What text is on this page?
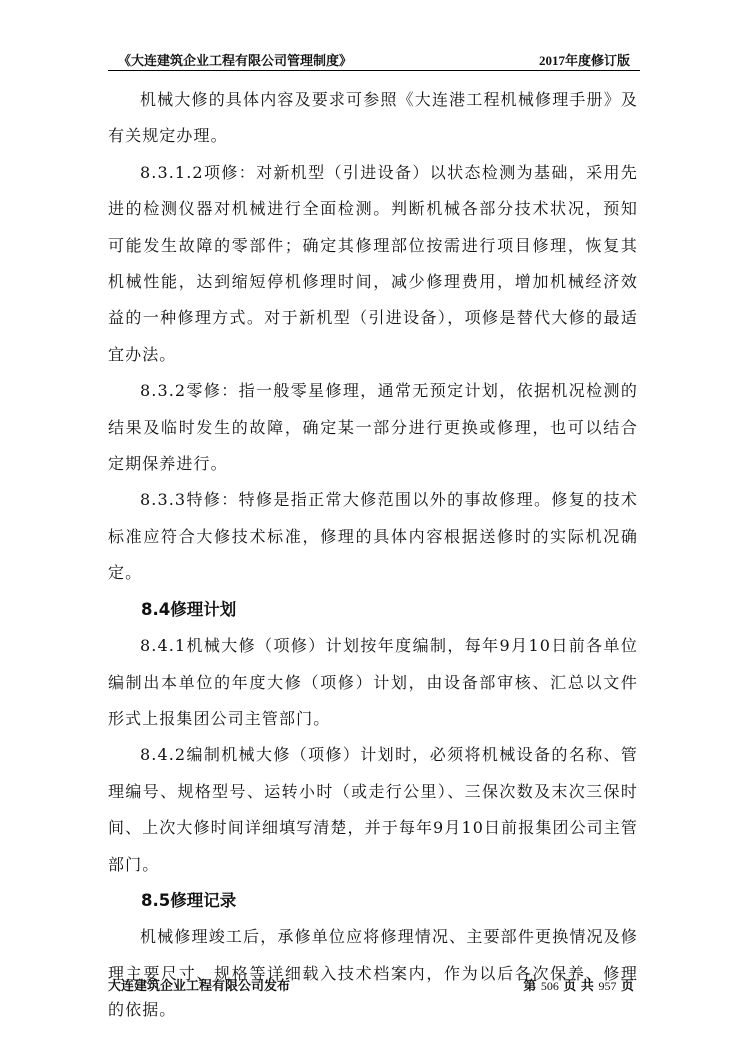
《大连建筑企业工程有限公司管理制度》	2017年度修订版

机械大修的具体内容及要求可参照《大连港工程机械修理手册》及有关规定办理。

8.3.1.2项修：对新机型（引进设备）以状态检测为基础，采用先进的检测仪器对机械进行全面检测。判断机械各部分技术状况，预知可能发生故障的零部件；确定其修理部位按需进行项目修理，恢复其机械性能，达到缩短停机修理时间，减少修理费用，增加机械经济效益的一种修理方式。对于新机型（引进设备），项修是替代大修的最适宜办法。

8.3.2零修：指一般零星修理，通常无预定计划，依据机况检测的结果及临时发生的故障，确定某一部分进行更换或修理，也可以结合定期保养进行。

8.3.3特修：特修是指正常大修范围以外的事故修理。修复的技术标准应符合大修技术标准，修理的具体内容根据送修时的实际机况确定。

8.4修理计划

8.4.1机械大修（项修）计划按年度编制，每年9月10日前各单位编制出本单位的年度大修（项修）计划，由设备部审核、汇总以文件形式上报集团公司主管部门。

8.4.2编制机械大修（项修）计划时，必须将机械设备的名称、管理编号、规格型号、运转小时（或走行公里）、三保次数及末次三保时间、上次大修时间详细填写清楚，并于每年9月10日前报集团公司主管部门。

8.5修理记录

机械修理竣工后，承修单位应将修理情况、主要部件更换情况及修理主要尺寸、规格等详细载入技术档案内，作为以后各次保养、修理的依据。

大连建筑企业工程有限公司发布	第 506 页 共 957 页
